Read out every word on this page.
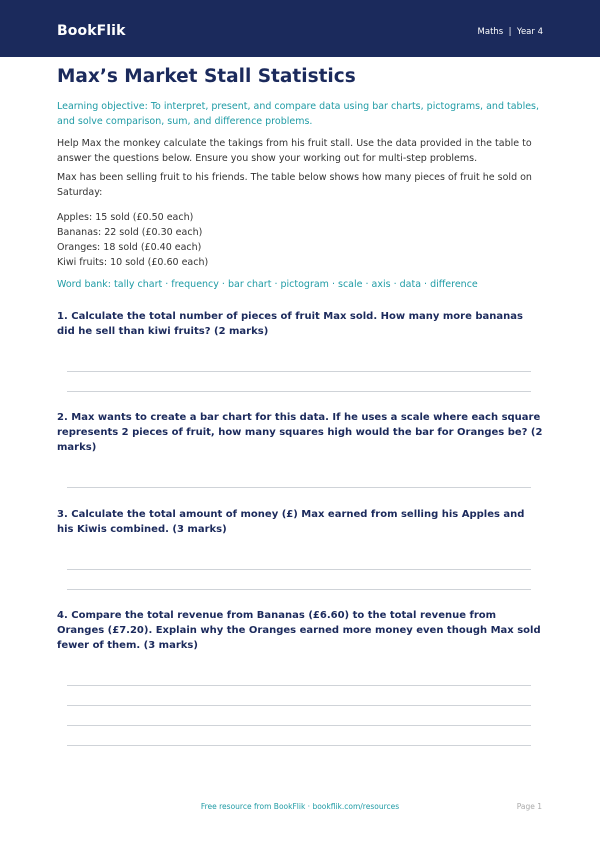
BookFlik	Maths  |  Year 4
Max’s Market Stall Statistics

Learning objective: To interpret, present, and compare data using bar charts, pictograms, and tables, and solve comparison, sum, and difference problems.

Help Max the monkey calculate the takings from his fruit stall. Use the data provided in the table to answer the questions below. Ensure you show your working out for multi-step problems.

Max has been selling fruit to his friends. The table below shows how many pieces of fruit he sold on Saturday:

Apples: 15 sold (£0.50 each)
Bananas: 22 sold (£0.30 each)
Oranges: 18 sold (£0.40 each)
Kiwi fruits: 10 sold (£0.60 each)

Word bank: tally chart · frequency · bar chart · pictogram · scale · axis · data · difference

1. Calculate the total number of pieces of fruit Max sold. How many more bananas did he sell than kiwi fruits? (2 marks)

2. Max wants to create a bar chart for this data. If he uses a scale where each square represents 2 pieces of fruit, how many squares high would the bar for Oranges be? (2 marks)

3. Calculate the total amount of money (£) Max earned from selling his Apples and his Kiwis combined. (3 marks)

4. Compare the total revenue from Bananas (£6.60) to the total revenue from Oranges (£7.20). Explain why the Oranges earned more money even though Max sold fewer of them. (3 marks)

Free resource from BookFlik · bookflik.com/resources	Page 1
